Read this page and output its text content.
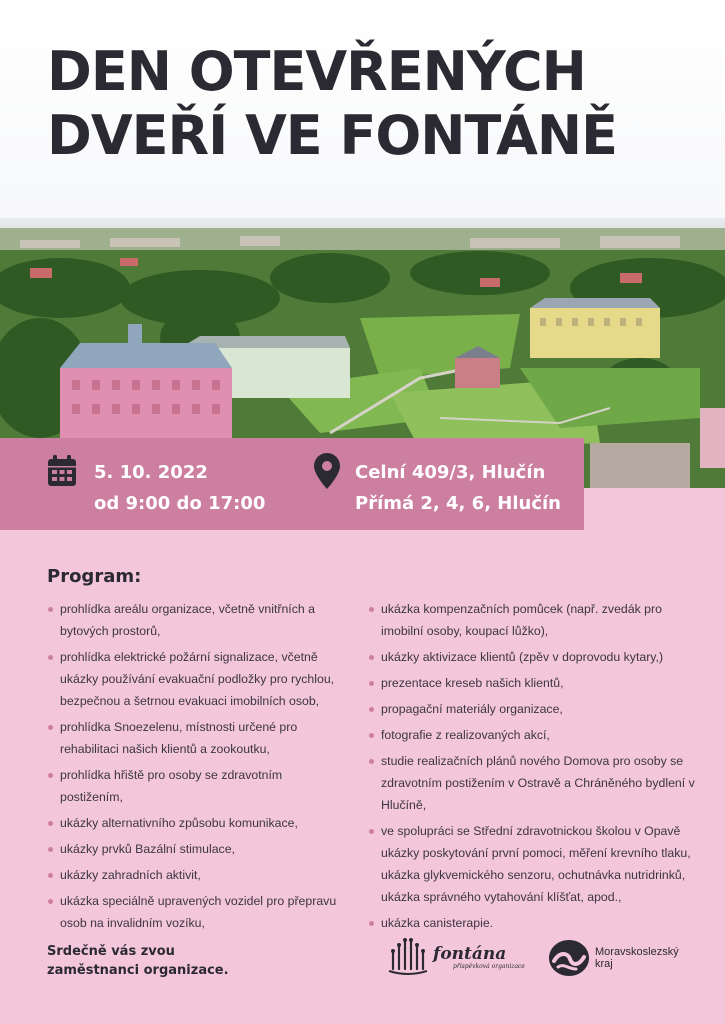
DEN OTEVŘENÝCH
DVEŘÍ VE FONTÁNĚ
5. 10. 2022
od 9:00 do 17:00
Celní 409/3, Hlučín
Přímá 2, 4, 6, Hlučín
Program:
prohlídka areálu organizace, včetně vnitřních a bytových prostorů,
prohlídka elektrické požární signalizace, včetně ukázky používání evakuační podložky pro rychlou, bezpečnou a šetrnou evakuaci imobilních osob,
prohlídka Snoezelenu, místnosti určené pro rehabilitaci našich klientů a zookoutku,
prohlídka hřiště pro osoby se zdravotním postižením,
ukázky alternativního způsobu komunikace,
ukázky prvků Bazální stimulace,
ukázky zahradních aktivit,
ukázka speciálně upravených vozidel pro přepravu osob na invalidním vozíku,
ukázka kompenzačních pomůcek (např. zvedák pro imobilní osoby, koupací lůžko),
ukázky aktivizace klientů (zpěv v doprovodu kytary,)
prezentace kreseb našich klientů,
propagační materiály organizace,
fotografie z realizovaných akcí,
studie realizačních plánů nového Domova pro osoby se zdravotním postižením v Ostravě a Chráněného bydlení v Hlučíně,
ve spolupráci se Střední zdravotnickou školou v Opavě ukázky poskytování první pomoci, měření krevního tlaku, ukázka glykvemického senzoru, ochutnávka nutridrinků, ukázka správného vytahování klíšťat, apod.,
ukázka canisterapie.
Srdečně vás zvou
zaměstnanci organizace.
fontána
příspěvková organizace
Moravskoslezský
kraj
